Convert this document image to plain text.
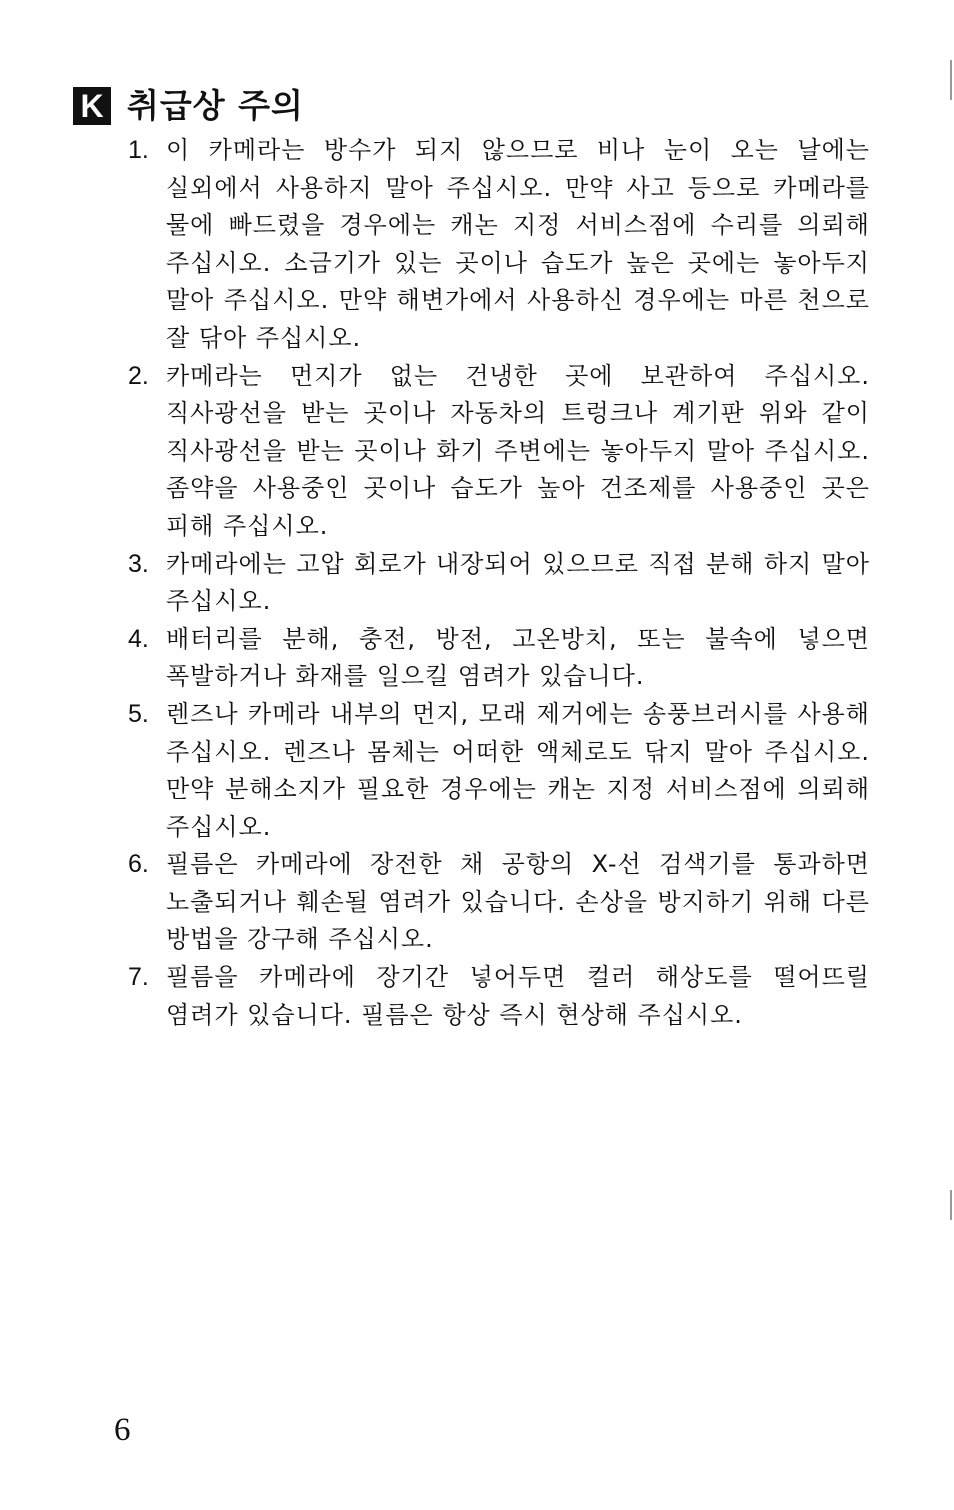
K 취급상 주의
1. 이 카메라는 방수가 되지 않으므로 비나 눈이 오는 날에는 실외에서 사용하지 말아 주십시오. 만약 사고 등으로 카메라를 물에 빠드렸을 경우에는 캐논 지정 서비스점에 수리를 의뢰해 주십시오. 소금기가 있는 곳이나 습도가 높은 곳에는 놓아두지 말아 주십시오. 만약 해변가에서 사용하신 경우에는 마른 천으로 잘 닦아 주십시오.
2. 카메라는 먼지가 없는 건냉한 곳에 보관하여 주십시오. 직사광선을 받는 곳이나 자동차의 트렁크나 계기판 위와 같이 직사광선을 받는 곳이나 화기 주변에는 놓아두지 말아 주십시오. 좀약을 사용중인 곳이나 습도가 높아 건조제를 사용중인 곳은 피해 주십시오.
3. 카메라에는 고압 회로가 내장되어 있으므로 직접 분해 하지 말아 주십시오.
4. 배터리를 분해, 충전, 방전, 고온방치, 또는 불속에 넣으면 폭발하거나 화재를 일으킬 염려가 있습니다.
5. 렌즈나 카메라 내부의 먼지, 모래 제거에는 송풍브러시를 사용해 주십시오. 렌즈나 몸체는 어떠한 액체로도 닦지 말아 주십시오. 만약 분해소지가 필요한 경우에는 캐논 지정 서비스점에 의뢰해 주십시오.
6. 필름은 카메라에 장전한 채 공항의 X-선 검색기를 통과하면 노출되거나 훼손될 염려가 있습니다. 손상을 방지하기 위해 다른 방법을 강구해 주십시오.
7. 필름을 카메라에 장기간 넣어두면 컬러 해상도를 떨어뜨릴 염려가 있습니다. 필름은 항상 즉시 현상해 주십시오.
6
